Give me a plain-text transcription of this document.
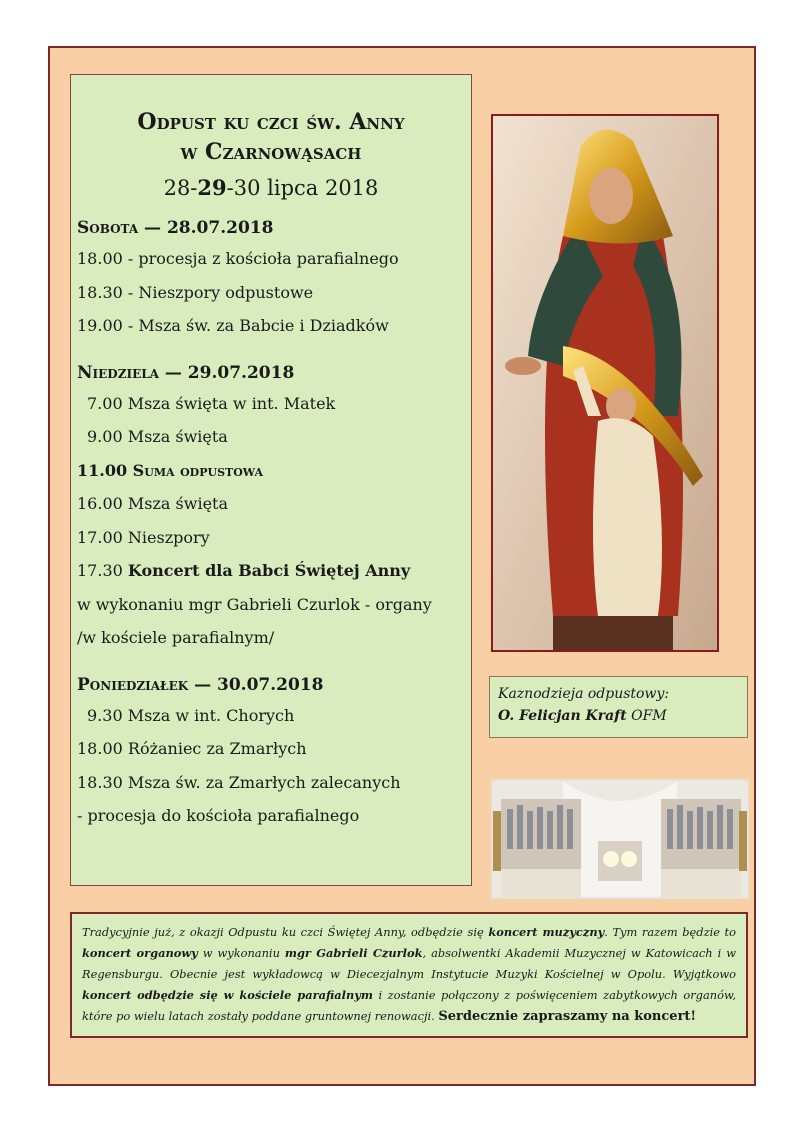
Odpust ku czci św. Anny
w Czarnowąsach
28-29-30 lipca 2018
Sobota — 28.07.2018
18.00 - procesja z kościoła parafialnego
18.30 - Nieszpory odpustowe
19.00 - Msza św. za Babcie i Dziadków
Niedziela — 29.07.2018
7.00 Msza święta w int. Matek
9.00 Msza święta
11.00 Suma odpustowa
16.00 Msza święta
17.00 Nieszpory
17.30 Koncert dla Babci Świętej Anny
w wykonaniu mgr Gabrieli Czurlok - organy
/w kościele parafialnym/
Poniedziałek — 30.07.2018
9.30 Msza w int. Chorych
18.00 Różaniec za Zmarłych
18.30 Msza św. za Zmarłych zalecanych
- procesja do kościoła parafialnego
Kaznodzieja odpustowy:
O. Felicjan Kraft OFM
Tradycyjnie już, z okazji Odpustu ku czci Świętej Anny, odbędzie się koncert muzyczny. Tym razem będzie to koncert organowy w wykonaniu mgr Gabrieli Czurlok, absolwentki Akademii Muzycznej w Katowicach i w Regensburgu. Obecnie jest wykładowcą w Diecezjalnym Instytucie Muzyki Kościelnej w Opolu. Wyjątkowo koncert odbędzie się w kościele parafialnym i zostanie połączony z poświęceniem zabytkowych organów, które po wielu latach zostały poddane gruntownej renowacji. Serdecznie zapraszamy na koncert!
